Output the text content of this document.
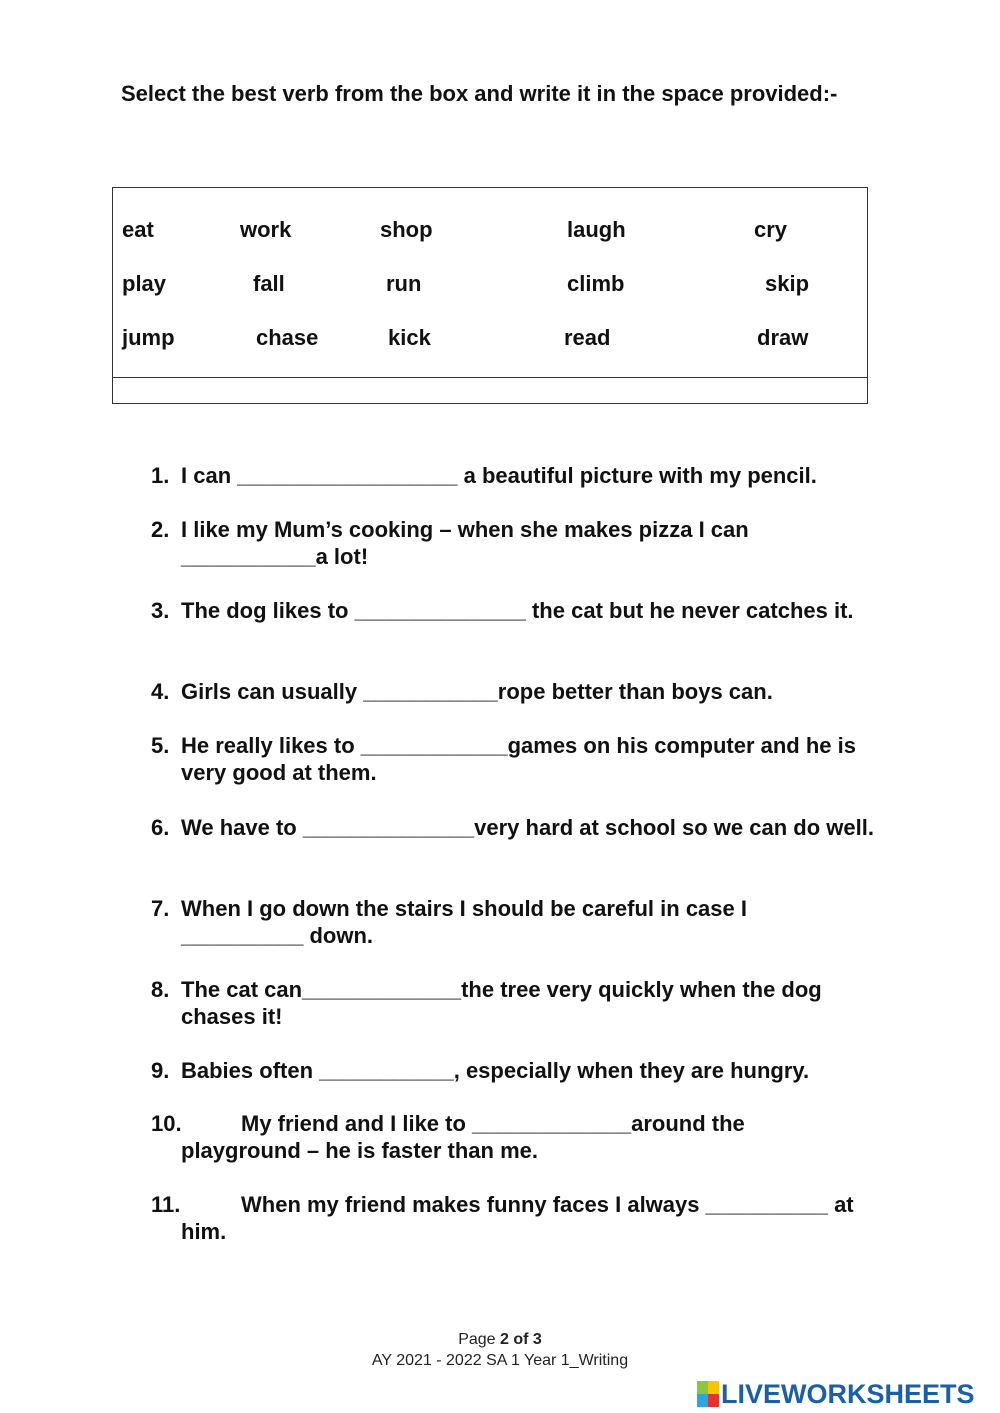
Select the best verb from the box and write it in the space provided:-
eat	work	shop	laugh	cry
play	fall	run	climb	skip
jump	chase	kick	read	draw
1. I can __________________ a beautiful picture with my pencil.
2. I like my Mum’s cooking – when she makes pizza I can ___________a lot!
3. The dog likes to ______________ the cat but he never catches it.
4. Girls can usually ___________rope better than boys can.
5. He really likes to ____________games on his computer and he is very good at them.
6. We have to ______________very hard at school so we can do well.
7. When I go down the stairs I should be careful in case I __________ down.
8. The cat can_____________the tree very quickly when the dog chases it!
9. Babies often ___________, especially when they are hungry.
10.	My friend and I like to _____________around the playground – he is faster than me.
11.	When my friend makes funny faces I always __________ at him.
Page 2 of 3
AY 2021 - 2022 SA 1 Year 1_Writing
LIVEWORKSHEETS
